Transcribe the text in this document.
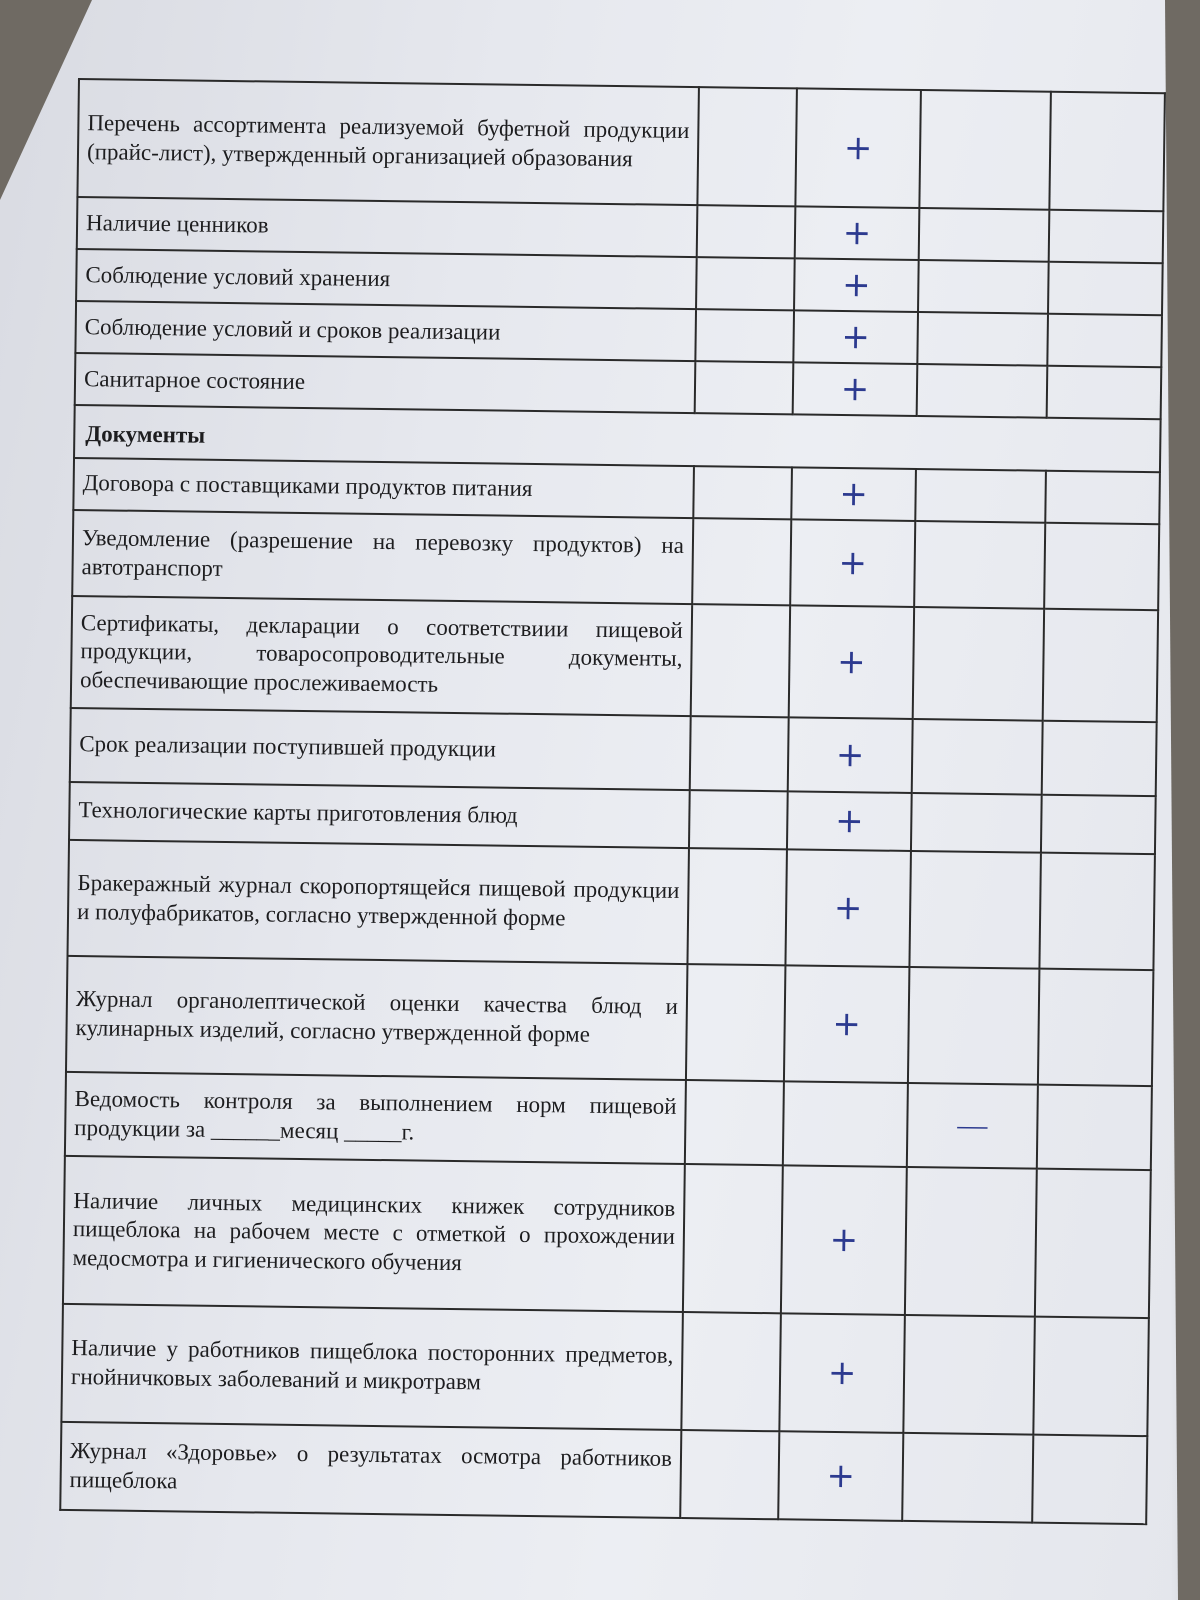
Перечень ассортимента реализуемой буфетной продукции (прайс-лист), утвержденный организацией образования		+		
Наличие ценников		+		
Соблюдение условий хранения		+		
Соблюдение условий и сроков реализации		+		
Санитарное состояние		+		
Документы				
Договора с поставщиками продуктов питания		+		
Уведомление (разрешение на перевозку продуктов) на автотранспорт		+		
Сертификаты, декларации о соответствиии пищевой продукции, товаросопроводительные документы, обеспечивающие прослеживаемость		+		
Срок реализации поступившей продукции		+		
Технологические карты приготовления блюд		+		
Бракеражный журнал скоропортящейся пищевой продукции и полуфабрикатов, согласно утвержденной форме		+		
Журнал органолептической оценки качества блюд и кулинарных изделий, согласно утвержденной форме		+		
Ведомость контроля за выполнением норм пищевой продукции за ______месяц _____г.			—	
Наличие личных медицинских книжек сотрудников пищеблока на рабочем месте с отметкой о прохождении медосмотра и гигиенического обучения		+		
Наличие у работников пищеблока посторонних предметов, гнойничковых заболеваний и микротравм		+		
Журнал «Здоровье» о результатах осмотра работников пищеблока		+		
